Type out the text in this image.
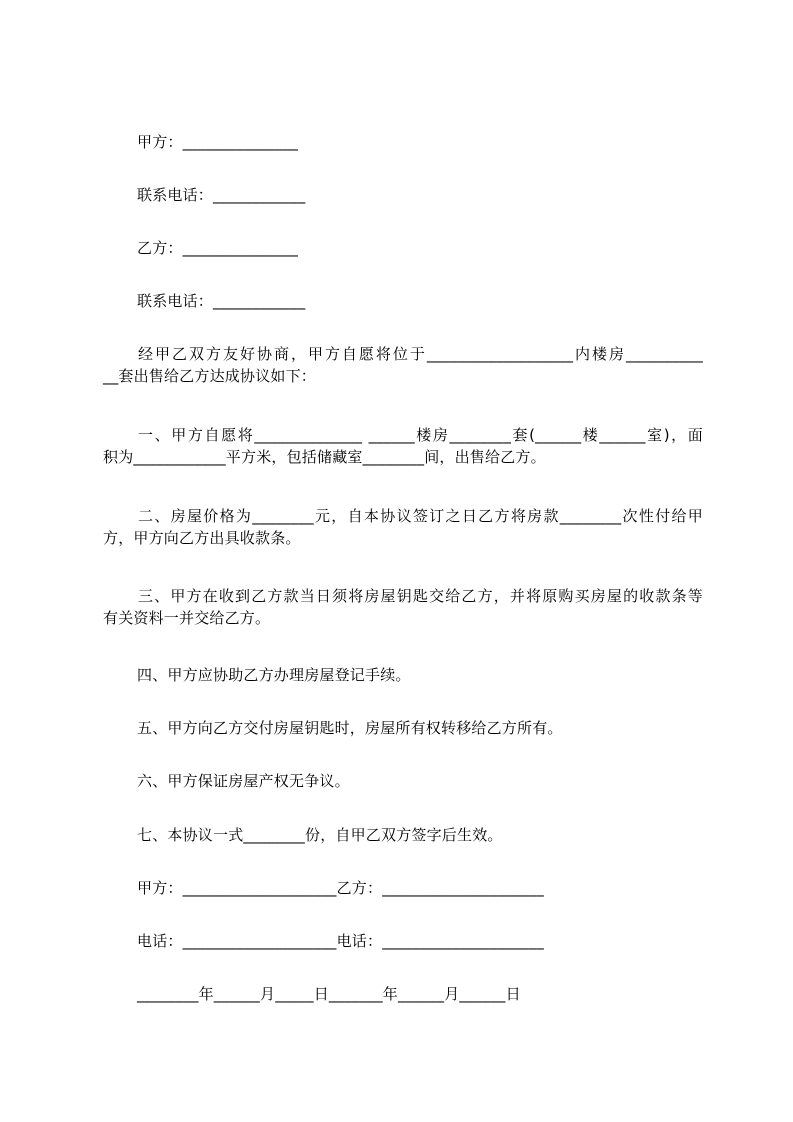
甲方：_______________
联系电话：____________
乙方：_______________
联系电话：____________
经甲乙双方友好协商，甲方自愿将位于___________________内楼房__________
__套出售给乙方达成协议如下：
一、甲方自愿将______________ ______楼房________套(______楼______室)，面
积为____________平方米，包括储藏室________间，出售给乙方。
二、房屋价格为________元，自本协议签订之日乙方将房款________次性付给甲
方，甲方向乙方出具收款条。
三、甲方在收到乙方款当日须将房屋钥匙交给乙方，并将原购买房屋的收款条等
有关资料一并交给乙方。
四、甲方应协助乙方办理房屋登记手续。
五、甲方向乙方交付房屋钥匙时，房屋所有权转移给乙方所有。
六、甲方保证房屋产权无争议。
七、本协议一式________份，自甲乙双方签字后生效。
甲方：____________________乙方：_____________________
电话：____________________电话：_____________________
________年______月_____日_______年______月______日
